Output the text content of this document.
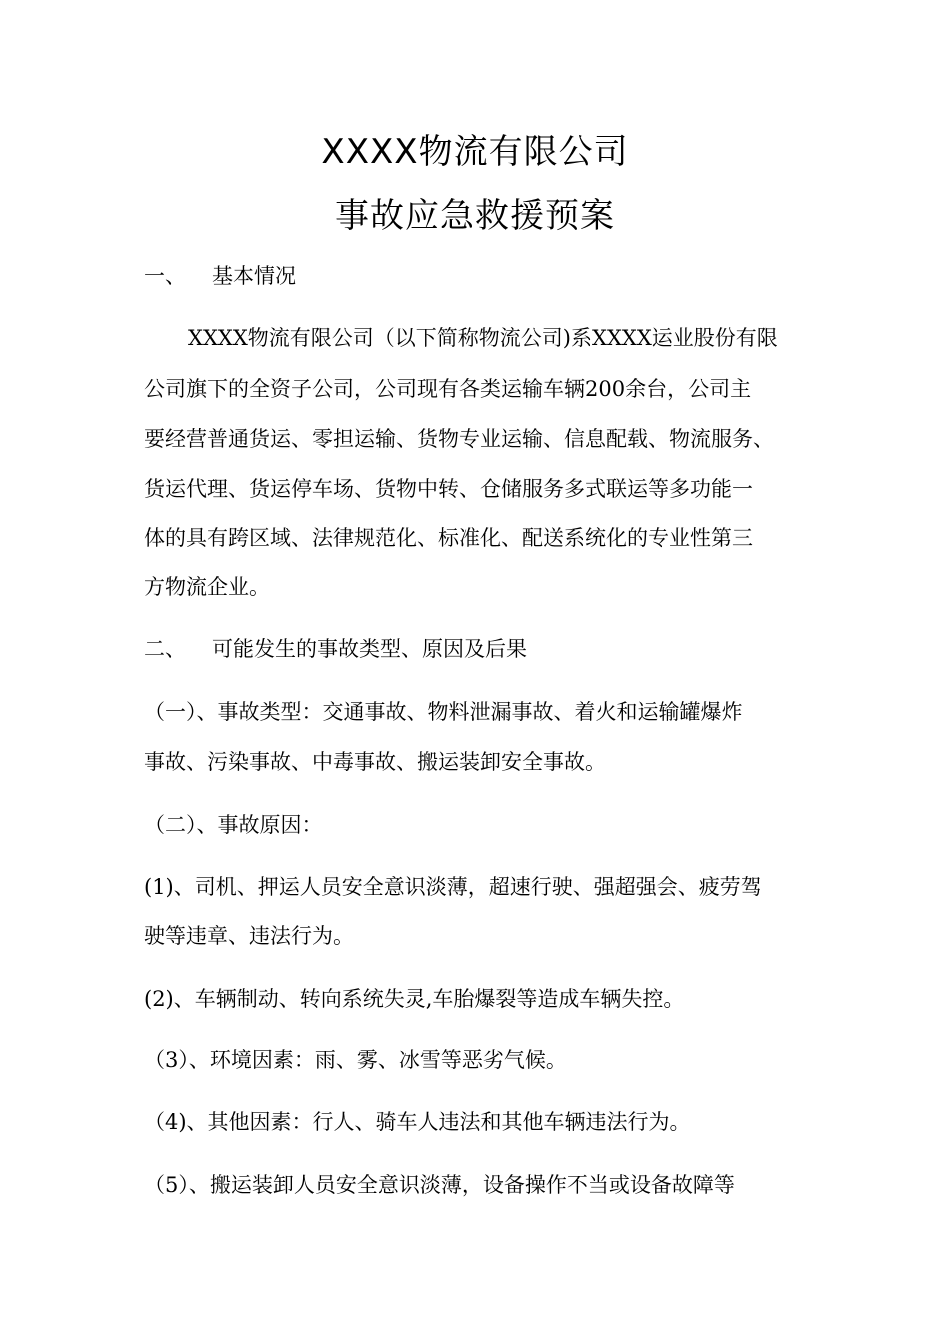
XXXX物流有限公司
事故应急救援预案
一、 基本情况
XXXX物流有限公司（以下简称物流公司)系XXXX运业股份有限
公司旗下的全资子公司，公司现有各类运输车辆200余台，公司主
要经营普通货运、零担运输、货物专业运输、信息配载、物流服务、
货运代理、货运停车场、货物中转、仓储服务多式联运等多功能一
体的具有跨区域、法律规范化、标准化、配送系统化的专业性第三
方物流企业。
二、 可能发生的事故类型、原因及后果
（一）、事故类型：交通事故、物料泄漏事故、着火和运输罐爆炸
事故、污染事故、中毒事故、搬运装卸安全事故。
（二）、事故原因：
(1)、司机、押运人员安全意识淡薄，超速行驶、强超强会、疲劳驾
驶等违章、违法行为。
(2)、车辆制动、转向系统失灵,车胎爆裂等造成车辆失控。
（3）、环境因素：雨、雾、冰雪等恶劣气候。
（4)、其他因素：行人、骑车人违法和其他车辆违法行为。
（5）、搬运装卸人员安全意识淡薄，设备操作不当或设备故障等
